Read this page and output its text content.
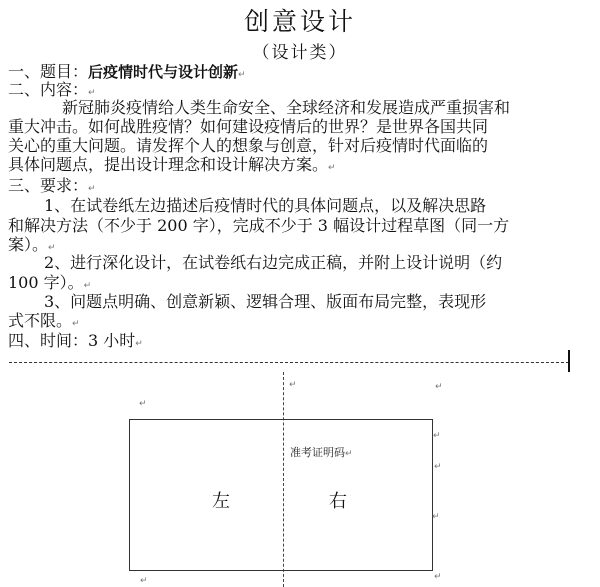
创意设计
（设计类）
一、题目：后疫情时代与设计创新↵
二、内容：↵
新冠肺炎疫情给人类生命安全、全球经济和发展造成严重损害和
重大冲击。如何战胜疫情？如何建设疫情后的世界？是世界各国共同
关心的重大问题。请发挥个人的想象与创意，针对后疫情时代面临的
具体问题点，提出设计理念和设计解决方案。↵
三、要求：↵
1、在试卷纸左边描述后疫情时代的具体问题点，以及解决思路
和解决方法（不少于 200 字），完成不少于 3 幅设计过程草图（同一方
案）。↵
2、进行深化设计，在试卷纸右边完成正稿，并附上设计说明（约
100 字）。↵
3、问题点明确、创意新颖、逻辑合理、版面布局完整，表现形
式不限。↵
四、时间：3 小时↵
准考证明码↵
左	右
↵	↵
↵
↵
↵
↵
↵
↵
